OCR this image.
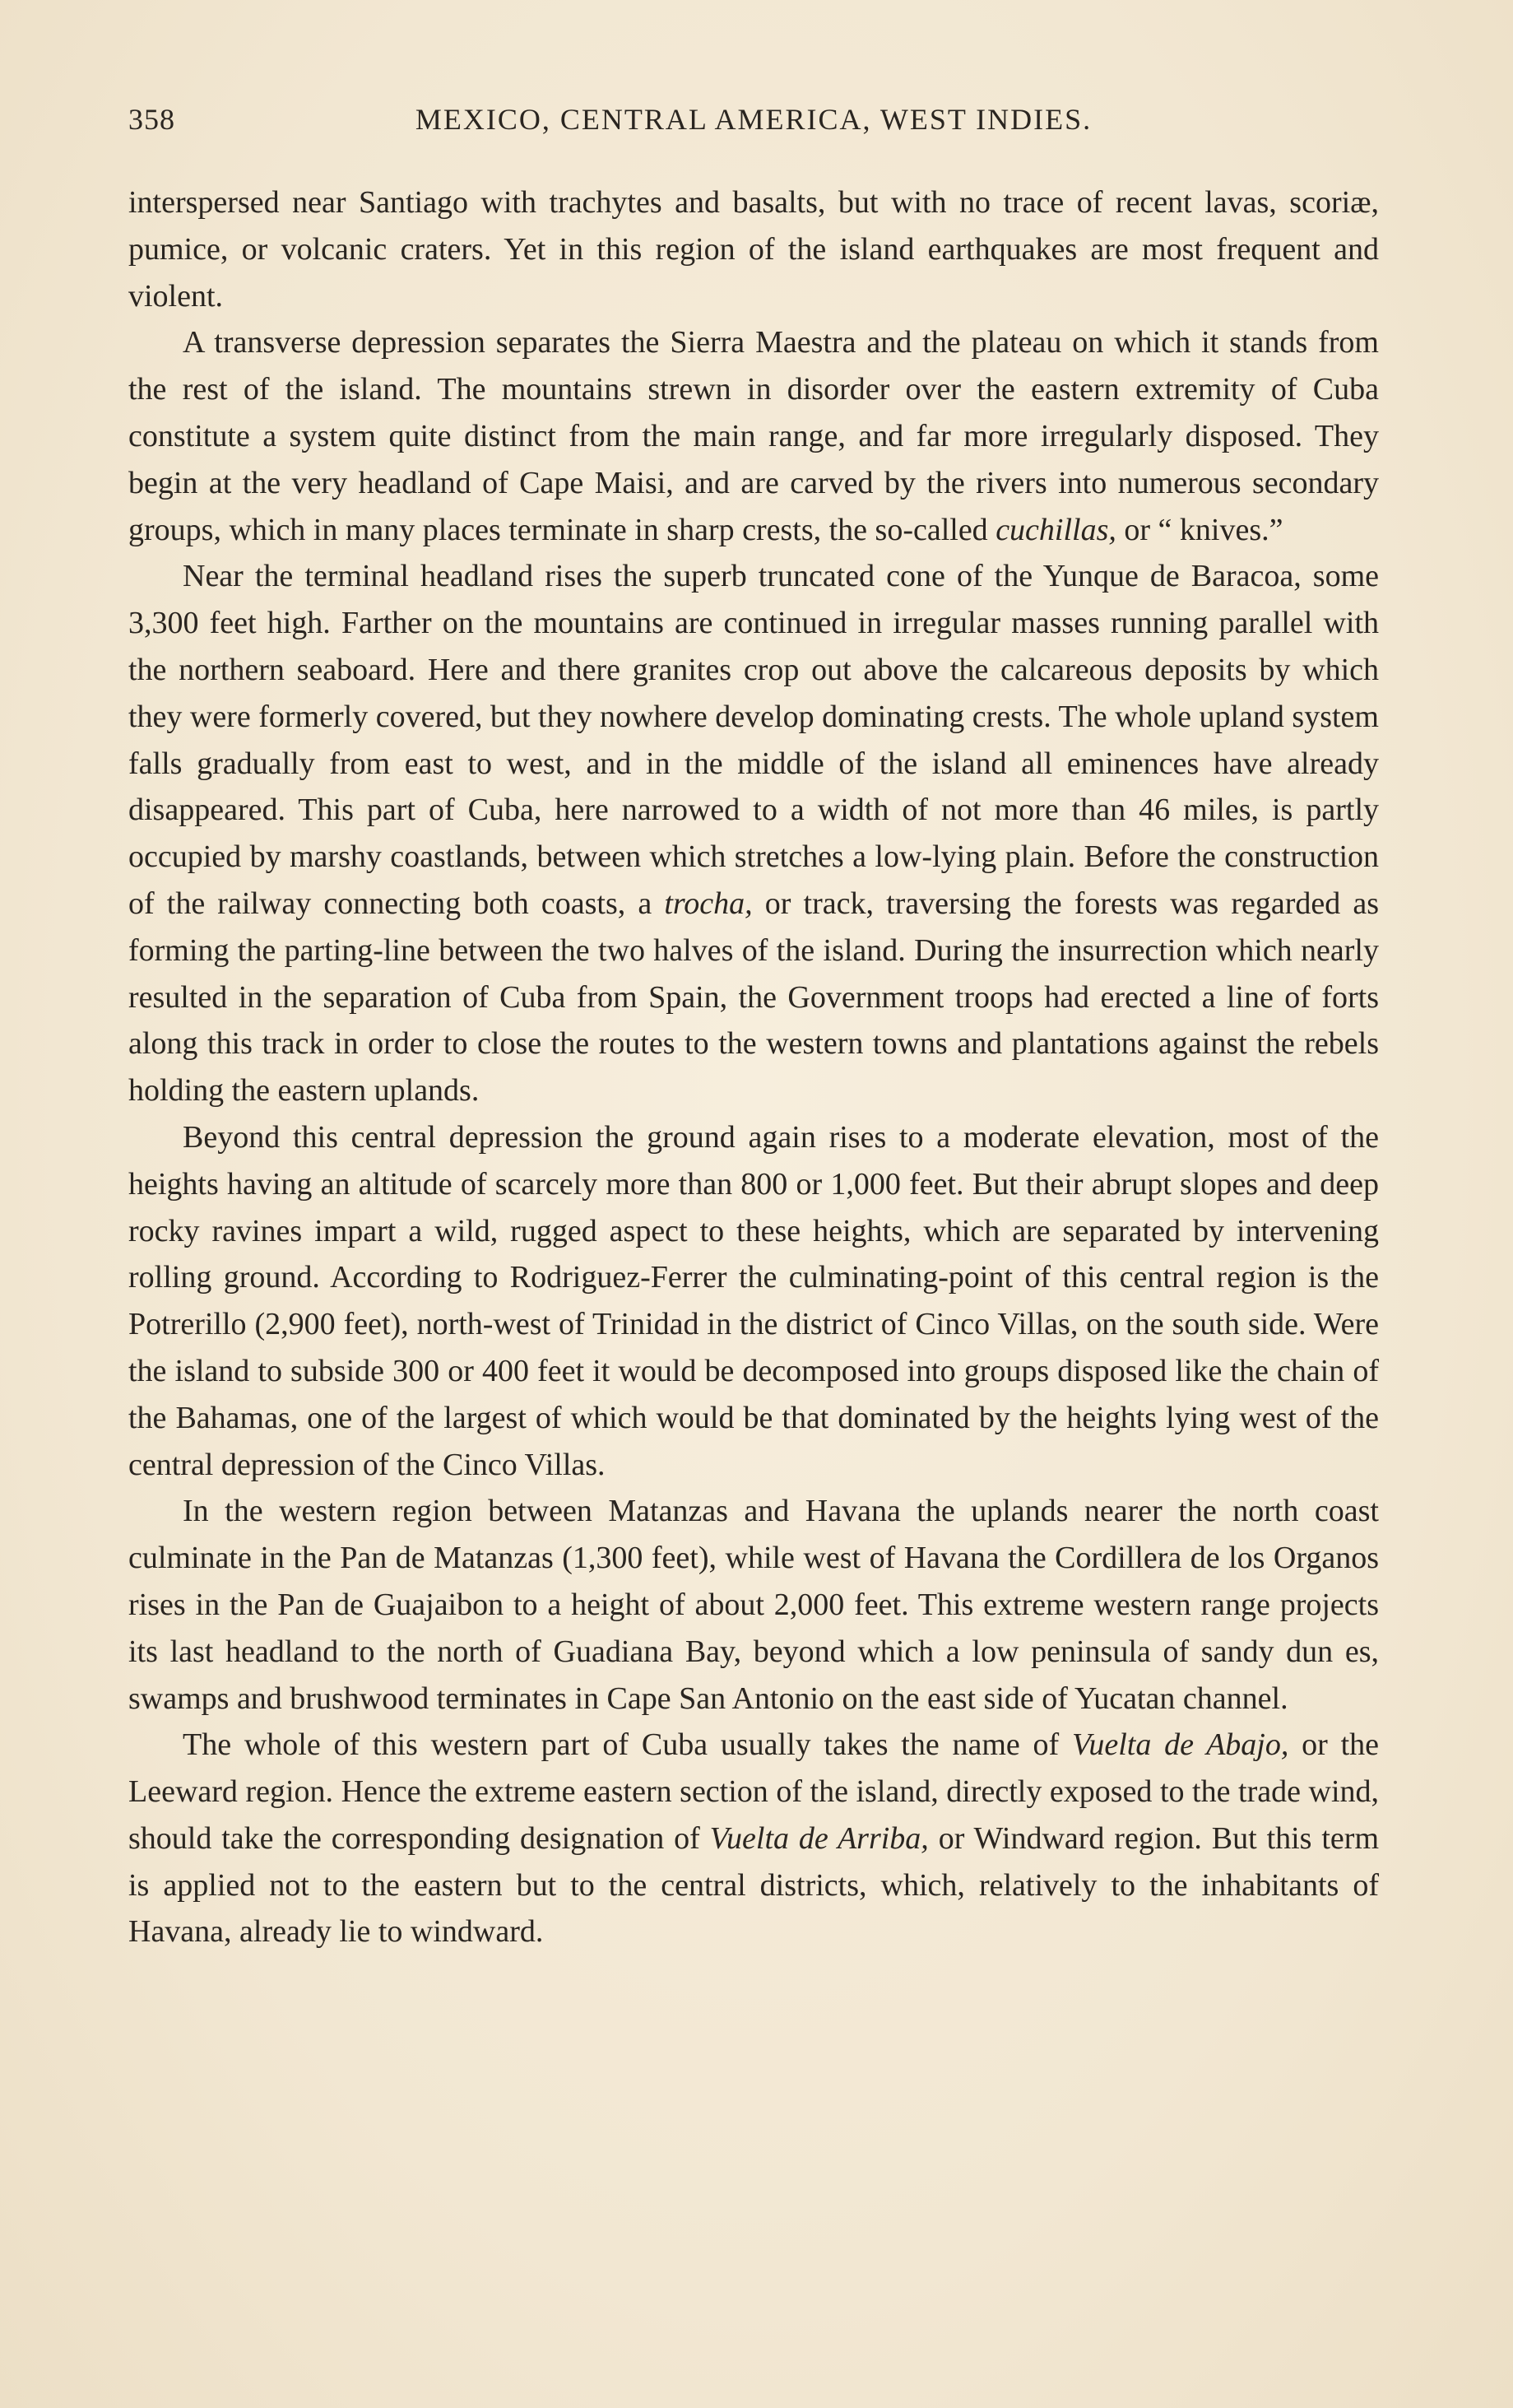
358	MEXICO, CENTRAL AMERICA, WEST INDIES.

interspersed near Santiago with trachytes and basalts, but with no trace of recent lavas, scoriæ, pumice, or volcanic craters. Yet in this region of the island earthquakes are most frequent and violent.

A transverse depression separates the Sierra Maestra and the plateau on which it stands from the rest of the island. The mountains strewn in disorder over the eastern extremity of Cuba constitute a system quite distinct from the main range, and far more irregularly disposed. They begin at the very headland of Cape Maisi, and are carved by the rivers into numerous secondary groups, which in many places terminate in sharp crests, the so-called cuchillas, or “ knives.”

Near the terminal headland rises the superb truncated cone of the Yunque de Baracoa, some 3,300 feet high. Farther on the mountains are continued in irregular masses running parallel with the northern seaboard. Here and there granites crop out above the calcareous deposits by which they were formerly covered, but they nowhere develop dominating crests. The whole upland system falls gradually from east to west, and in the middle of the island all eminences have already disappeared. This part of Cuba, here narrowed to a width of not more than 46 miles, is partly occupied by marshy coastlands, between which stretches a low-lying plain. Before the construction of the railway connecting both coasts, a trocha, or track, traversing the forests was regarded as forming the parting-line between the two halves of the island. During the insurrection which nearly resulted in the separation of Cuba from Spain, the Government troops had erected a line of forts along this track in order to close the routes to the western towns and plantations against the rebels holding the eastern uplands.

Beyond this central depression the ground again rises to a moderate elevation, most of the heights having an altitude of scarcely more than 800 or 1,000 feet. But their abrupt slopes and deep rocky ravines impart a wild, rugged aspect to these heights, which are separated by intervening rolling ground. According to Rodriguez-Ferrer the culminating-point of this central region is the Potrerillo (2,900 feet), north-west of Trinidad in the district of Cinco Villas, on the south side. Were the island to subside 300 or 400 feet it would be decomposed into groups disposed like the chain of the Bahamas, one of the largest of which would be that dominated by the heights lying west of the central depression of the Cinco Villas.

In the western region between Matanzas and Havana the uplands nearer the north coast culminate in the Pan de Matanzas (1,300 feet), while west of Havana the Cordillera de los Organos rises in the Pan de Guajaibon to a height of about 2,000 feet. This extreme western range projects its last headland to the north of Guadiana Bay, beyond which a low peninsula of sandy dun es, swamps and brushwood terminates in Cape San Antonio on the east side of Yucatan channel.

The whole of this western part of Cuba usually takes the name of Vuelta de Abajo, or the Leeward region. Hence the extreme eastern section of the island, directly exposed to the trade wind, should take the corresponding designation of Vuelta de Arriba, or Windward region. But this term is applied not to the eastern but to the central districts, which, relatively to the inhabitants of Havana, already lie to windward.
